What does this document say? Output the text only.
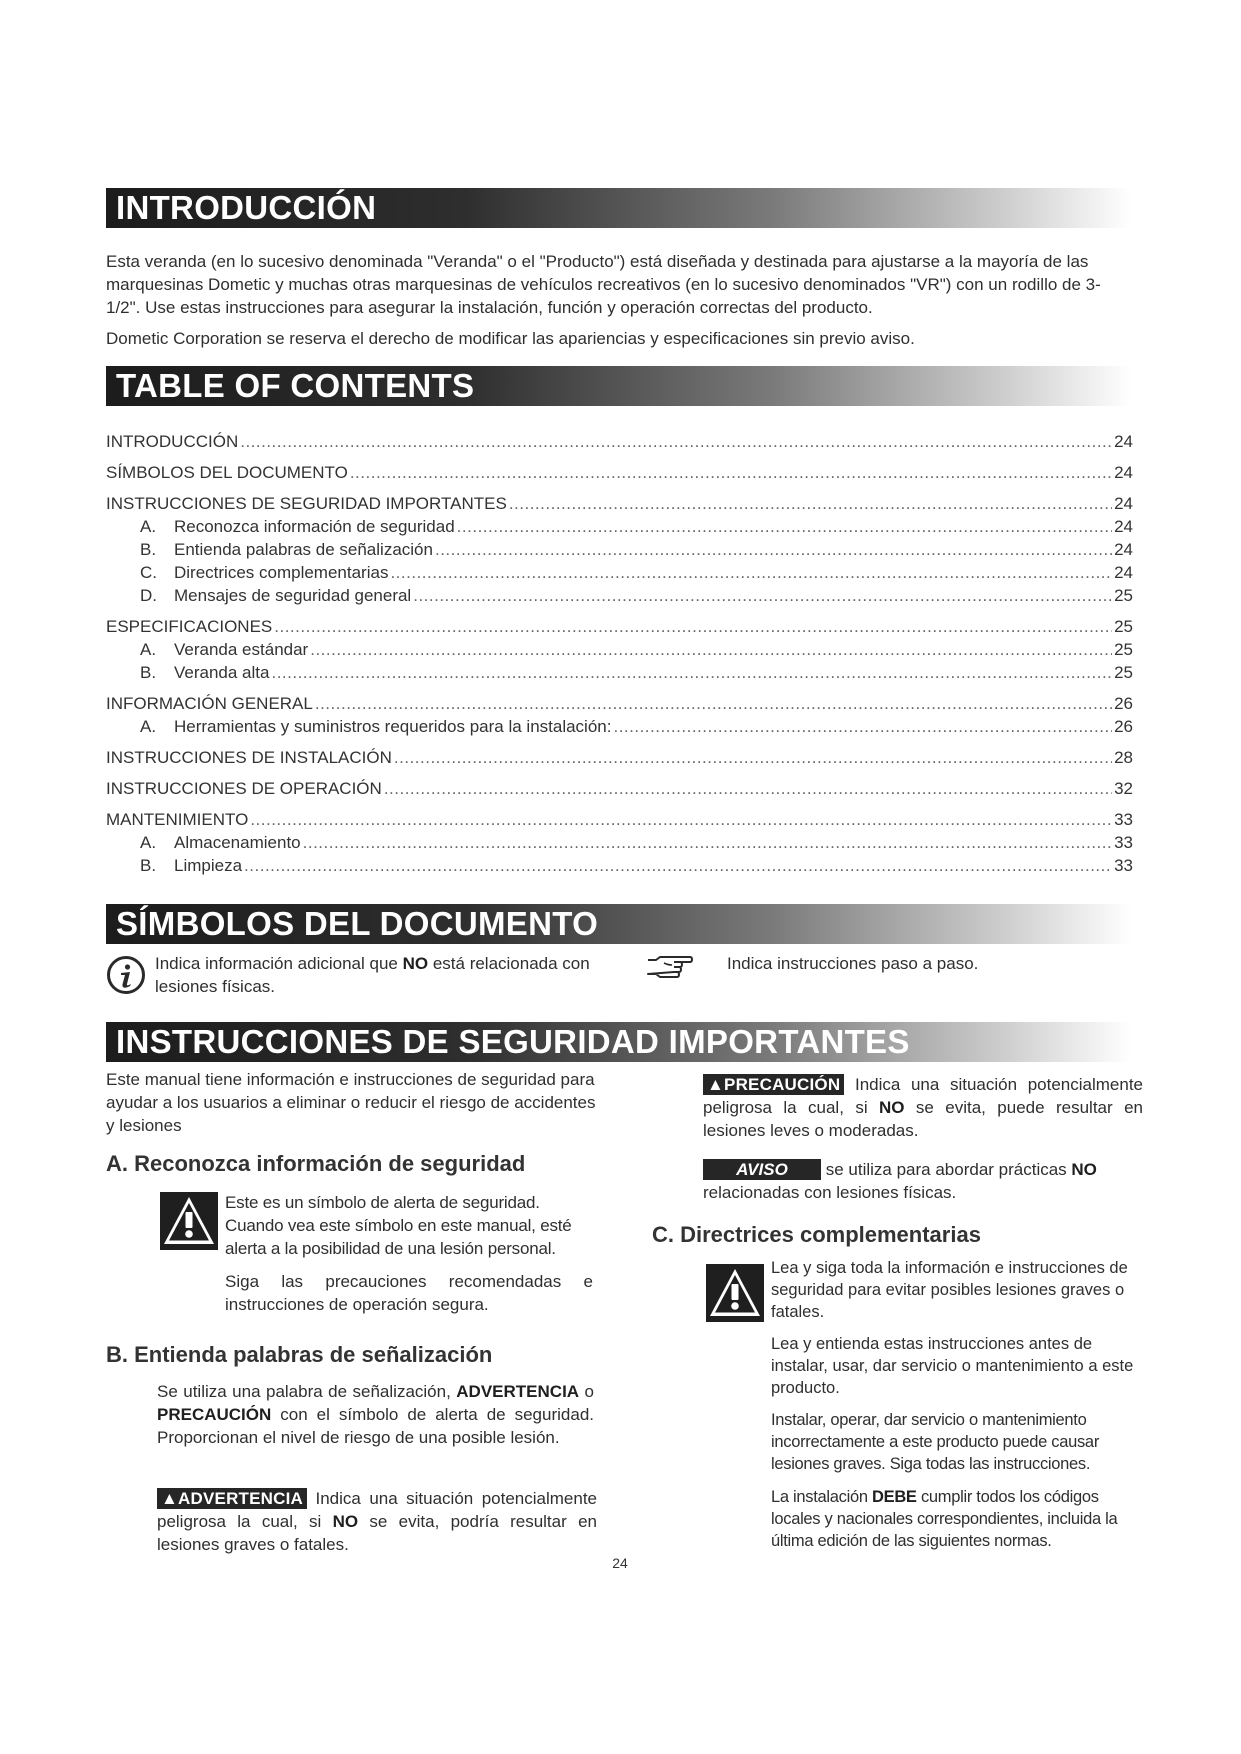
INTRODUCCIÓN
Esta veranda (en lo sucesivo denominada "Veranda" o el "Producto") está diseñada y destinada para ajustarse a la mayoría de las marquesinas Dometic y muchas otras marquesinas de vehículos recreativos (en lo sucesivo denominados "VR") con un rodillo de 3-1/2". Use estas instrucciones para asegurar la instalación, función y operación correctas del producto.
Dometic Corporation se reserva el derecho de modificar las apariencias y especificaciones sin previo aviso.
TABLE OF CONTENTS
INTRODUCCIÓN .....	24
SÍMBOLOS DEL DOCUMENTO .....	24
INSTRUCCIONES DE SEGURIDAD IMPORTANTES .....	24
A. Reconozca información de seguridad .....	24
B. Entienda palabras de señalización .....	24
C. Directrices complementarias .....	24
D. Mensajes de seguridad general .....	25
ESPECIFICACIONES .....	25
A. Veranda estándar .....	25
B. Veranda alta .....	25
INFORMACIÓN GENERAL .....	26
A. Herramientas y suministros requeridos para la instalación: .....	26
INSTRUCCIONES DE INSTALACIÓN .....	28
INSTRUCCIONES DE OPERACIÓN .....	32
MANTENIMIENTO .....	33
A. Almacenamiento .....	33
B. Limpieza .....	33
SÍMBOLOS DEL DOCUMENTO
Indica información adicional que NO está relacionada con lesiones físicas.
Indica instrucciones paso a paso.
INSTRUCCIONES DE SEGURIDAD IMPORTANTES
Este manual tiene información e instrucciones de seguridad para ayudar a los usuarios a eliminar o reducir el riesgo de accidentes y lesiones
A. Reconozca información de seguridad
Este es un símbolo de alerta de seguridad. Cuando vea este símbolo en este manual, esté alerta a la posibilidad de una lesión personal.
Siga las precauciones recomendadas e instrucciones de operación segura.
B. Entienda palabras de señalización
Se utiliza una palabra de señalización, ADVERTENCIA o PRECAUCIÓN con el símbolo de alerta de seguridad. Proporcionan el nivel de riesgo de una posible lesión.
▲ADVERTENCIA Indica una situación potencialmente peligrosa la cual, si NO se evita, podría resultar en lesiones graves o fatales.
▲PRECAUCIÓN Indica una situación potencialmente peligrosa la cual, si NO se evita, puede resultar en lesiones leves o moderadas.
AVISO se utiliza para abordar prácticas NO relacionadas con lesiones físicas.
C. Directrices complementarias
Lea y siga toda la información e instrucciones de seguridad para evitar posibles lesiones graves o fatales.
Lea y entienda estas instrucciones antes de instalar, usar, dar servicio o mantenimiento a este producto.
Instalar, operar, dar servicio o mantenimiento incorrectamente a este producto puede causar lesiones graves. Siga todas las instrucciones.
La instalación DEBE cumplir todos los códigos locales y nacionales correspondientes, incluida la última edición de las siguientes normas.
24
